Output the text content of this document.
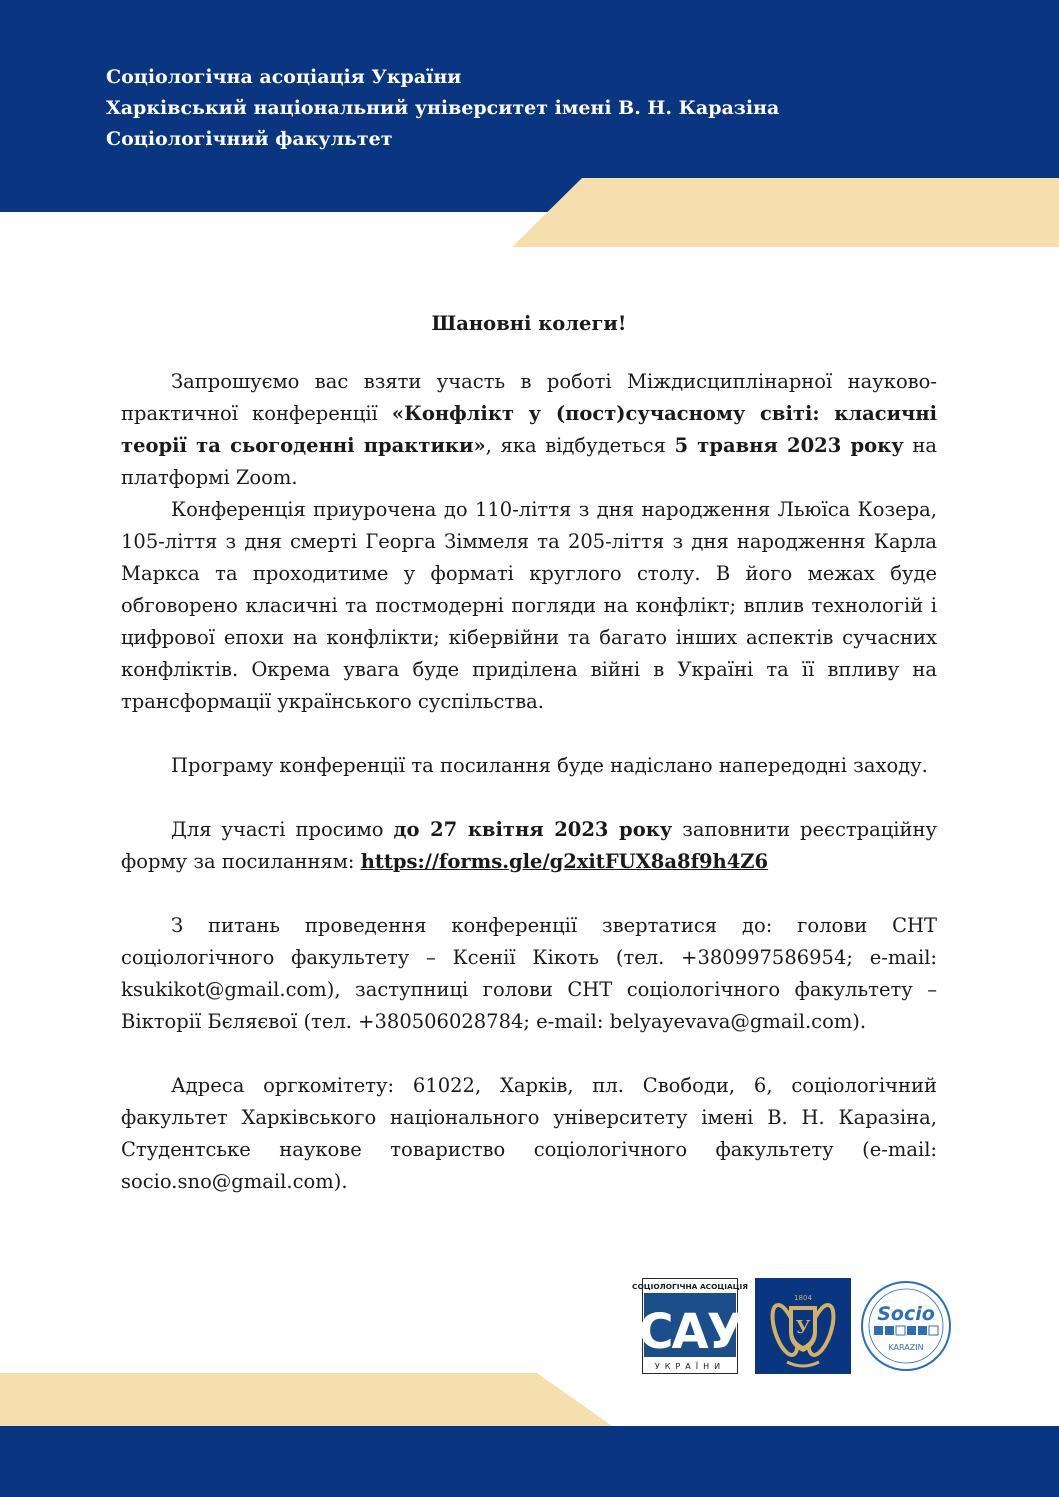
Соціологічна асоціація України
Харківський національний університет імені В. Н. Каразіна
Соціологічний факультет
Шановні колеги!

Запрошуємо вас взяти участь в роботі Міждисциплінарної науково-практичної конференції «Конфлікт у (пост)сучасному світі: класичні теорії та сьогоденні практики», яка відбудеться 5 травня 2023 року на платформі Zoom.

Конференція приурочена до 110-ліття з дня народження Льюїса Козера, 105-ліття з дня смерті Георга Зіммеля та 205-ліття з дня народження Карла Маркса та проходитиме у форматі круглого столу. В його межах буде обговорено класичні та постмодерні погляди на конфлікт; вплив технологій і цифрової епохи на конфлікти; кібервійни та багато інших аспектів сучасних конфліктів. Окрема увага буде приділена війні в Україні та її впливу на трансформації українського суспільства.

Програму конференції та посилання буде надіслано напередодні заходу.

Для участі просимо до 27 квітня 2023 року заповнити реєстраційну форму за посиланням: https://forms.gle/g2xitFUX8a8f9h4Z6

З питань проведення конференції звертатися до: голови СНТ соціологічного факультету – Ксенії Кікоть (тел. +380997586954; e-mail: ksukikot@gmail.com), заступниці голови СНТ соціологічного факультету – Вікторії Бєляєвої (тел. +380506028784; e-mail: belyayevava@gmail.com).

Адреса оргкомітету: 61022, Харків, пл. Свободи, 6, соціологічний факультет Харківського національного університету імені В. Н. Каразіна, Студентське наукове товариство соціологічного факультету (e-mail: socio.sno@gmail.com).

СОЦІОЛОГІЧНА АСОЦІАЦІЯ
САУ
УКРАЇНИ
У
1804
Socio
KARAZIN
